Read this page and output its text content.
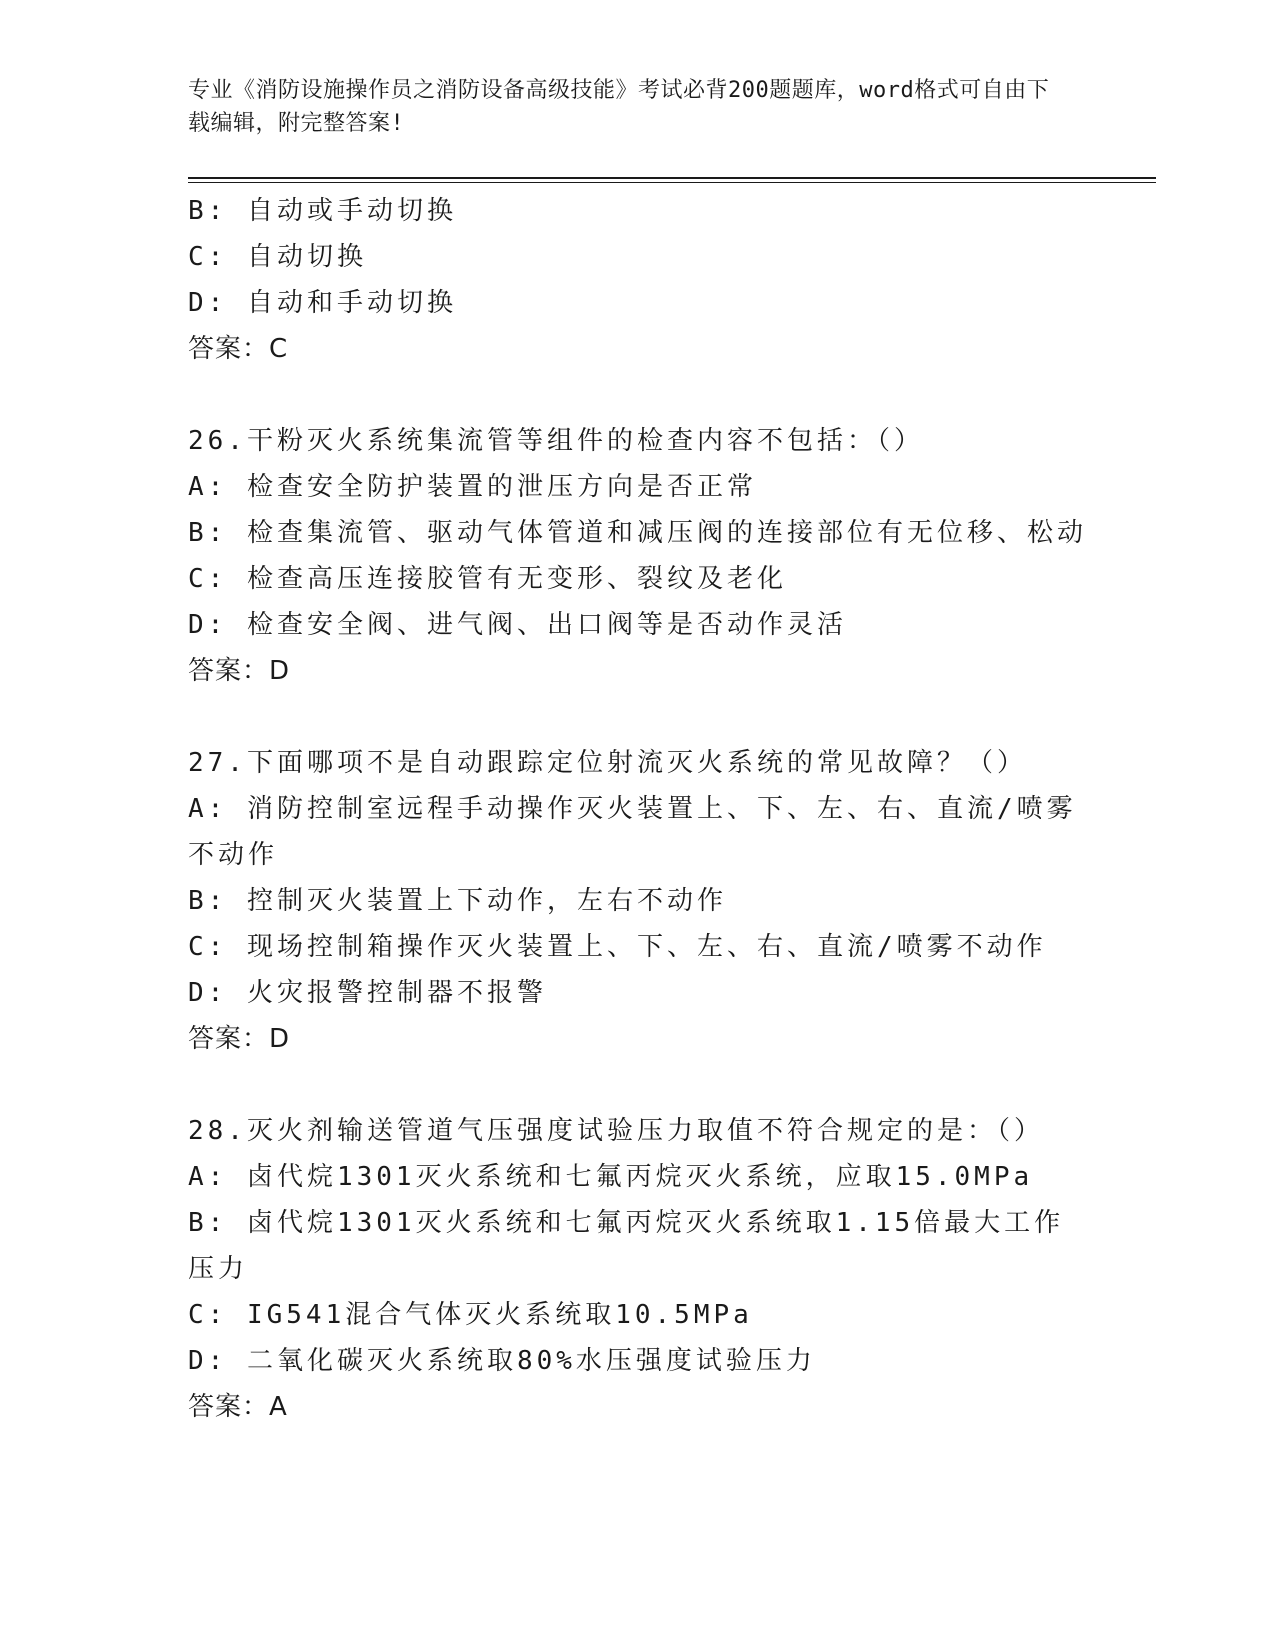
专业《消防设施操作员之消防设备高级技能》考试必背200题题库，word格式可自由下载编辑，附完整答案!
B: 自动或手动切换
C: 自动切换
D: 自动和手动切换
答案：C
26.干粉灭火系统集流管等组件的检查内容不包括：（）
A: 检查安全防护装置的泄压方向是否正常
B: 检查集流管、驱动气体管道和减压阀的连接部位有无位移、松动
C: 检查高压连接胶管有无变形、裂纹及老化
D: 检查安全阀、进气阀、出口阀等是否动作灵活
答案：D
27.下面哪项不是自动跟踪定位射流灭火系统的常见故障？（）
A: 消防控制室远程手动操作灭火装置上、下、左、右、直流/喷雾不动作
B: 控制灭火装置上下动作，左右不动作
C: 现场控制箱操作灭火装置上、下、左、右、直流/喷雾不动作
D: 火灾报警控制器不报警
答案：D
28.灭火剂输送管道气压强度试验压力取值不符合规定的是：（）
A: 卤代烷1301灭火系统和七氟丙烷灭火系统，应取15.0MPa
B: 卤代烷1301灭火系统和七氟丙烷灭火系统取1.15倍最大工作压力
C: IG541混合气体灭火系统取10.5MPa
D: 二氧化碳灭火系统取80%水压强度试验压力
答案：A
